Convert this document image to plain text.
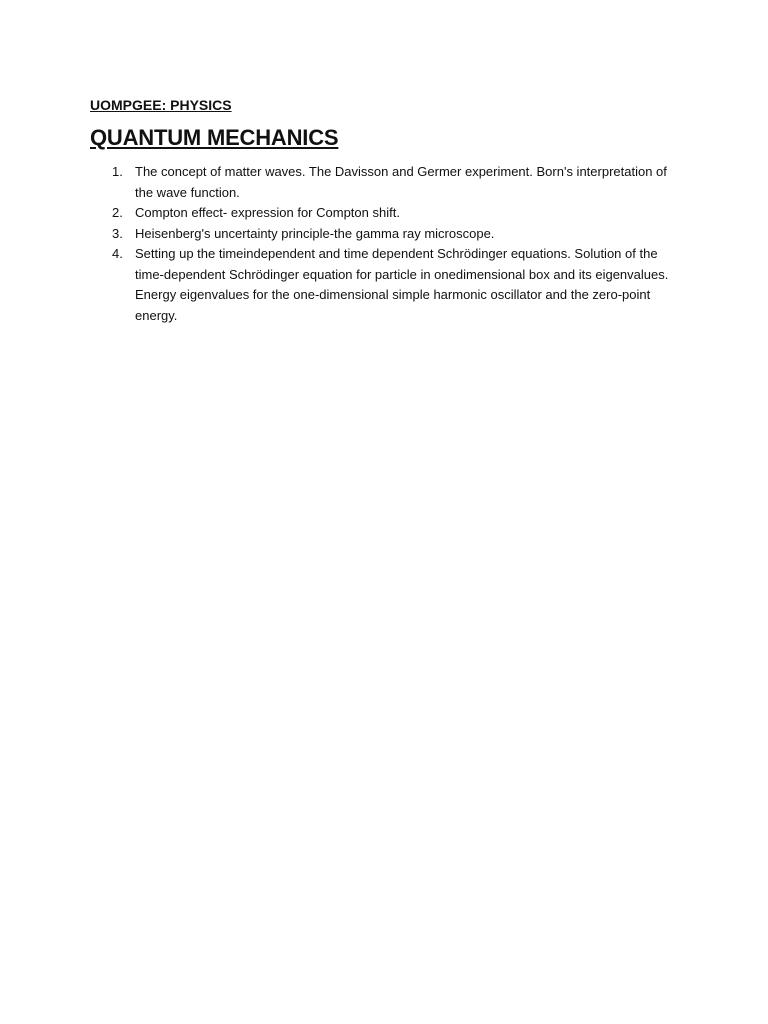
UOMPGEE: PHYSICS

QUANTUM MECHANICS
1. The concept of matter waves. The Davisson and Germer experiment. Born's interpretation of the wave function.
2. Compton effect- expression for Compton shift.
3. Heisenberg's uncertainty principle-the gamma ray microscope.
4. Setting up the timeindependent and time dependent Schrödinger equations. Solution of the time-dependent Schrödinger equation for particle in onedimensional box and its eigenvalues. Energy eigenvalues for the one-dimensional simple harmonic oscillator and the zero-point energy.
